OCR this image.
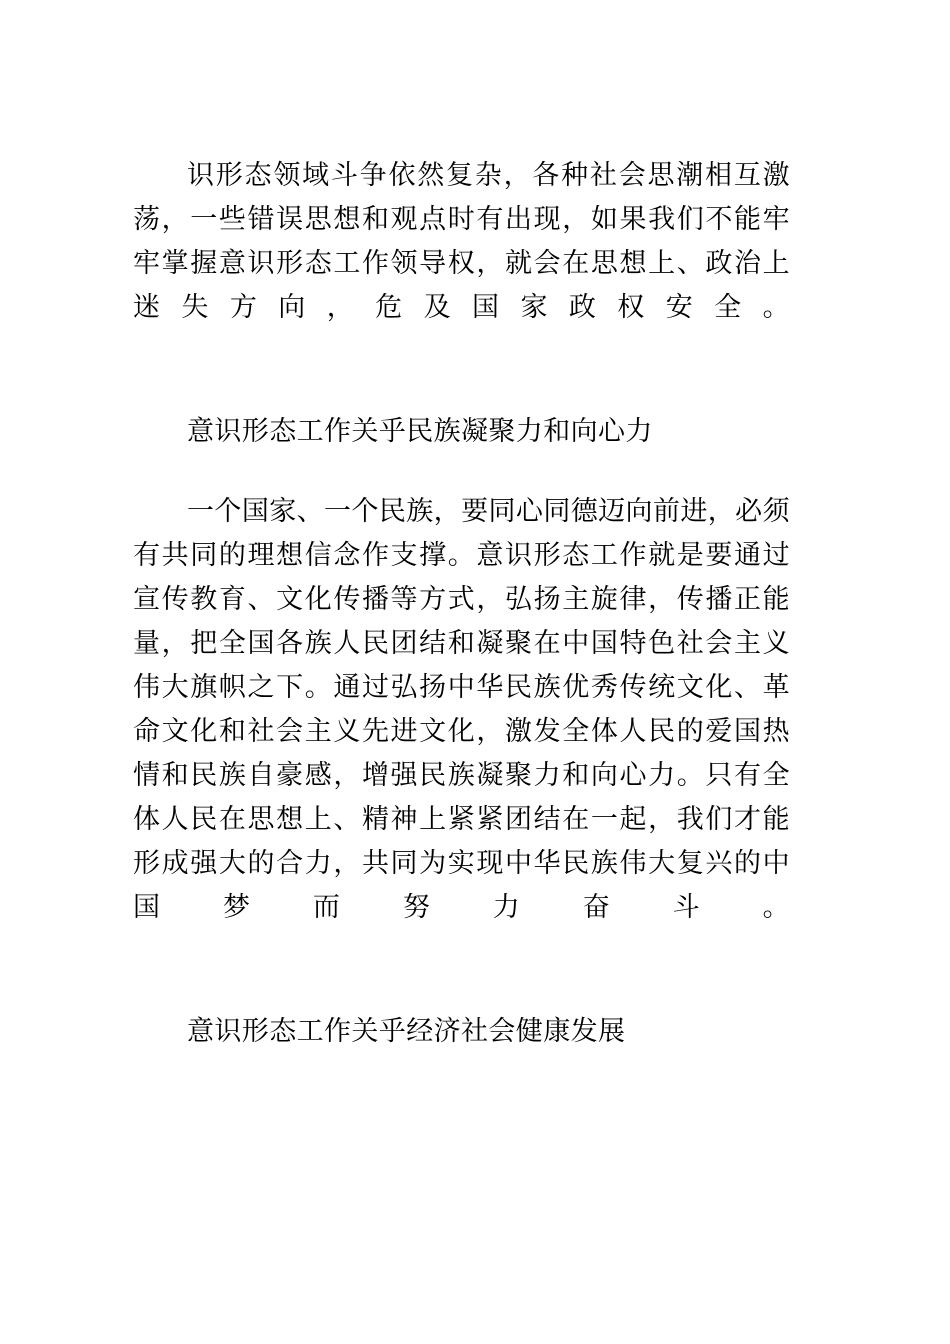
识形态领域斗争依然复杂，各种社会思潮相互激荡，一些错误思想和观点时有出现，如果我们不能牢牢掌握意识形态工作领导权，就会在思想上、政治上迷失方向，危及国家政权安全。

意识形态工作关乎民族凝聚力和向心力

一个国家、一个民族，要同心同德迈向前进，必须有共同的理想信念作支撑。意识形态工作就是要通过宣传教育、文化传播等方式，弘扬主旋律，传播正能量，把全国各族人民团结和凝聚在中国特色社会主义伟大旗帜之下。通过弘扬中华民族优秀传统文化、革命文化和社会主义先进文化，激发全体人民的爱国热情和民族自豪感，增强民族凝聚力和向心力。只有全体人民在思想上、精神上紧紧团结在一起，我们才能形成强大的合力，共同为实现中华民族伟大复兴的中国梦而努力奋斗。

意识形态工作关乎经济社会健康发展
